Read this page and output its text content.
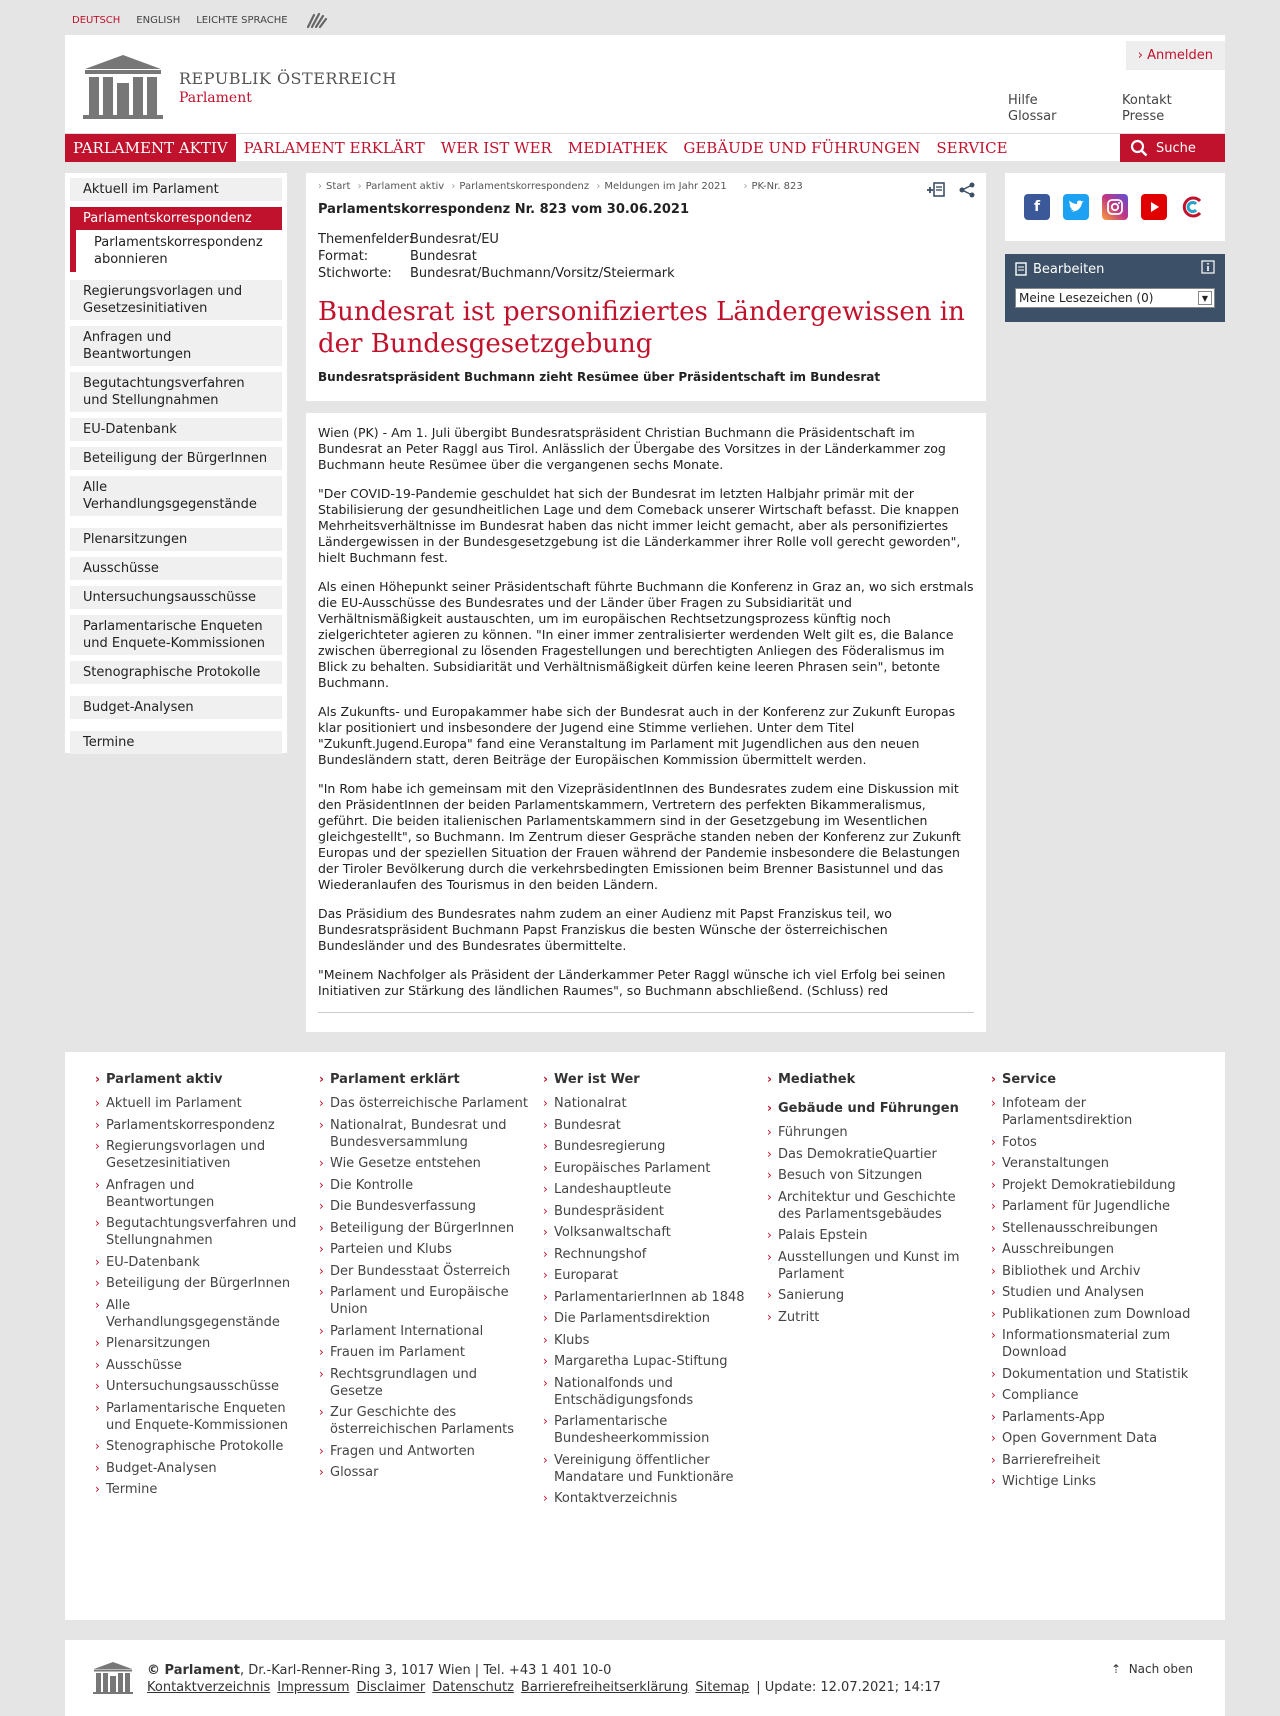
DEUTSCH ENGLISH LEICHTE SPRACHE
REPUBLIK ÖSTERREICH
Parlament
› Anmelden
Hilfe
Glossar
Kontakt
Presse
PARLAMENT AKTIV	PARLAMENT ERKLÄRT	WER IST WER	MEDIATHEK	GEBÄUDE UND FÜHRUNGEN	SERVICE	Suche
Aktuell im Parlament
Parlamentskorrespondenz
Parlamentskorrespondenz abonnieren
Regierungsvorlagen und Gesetzesinitiativen
Anfragen und Beantwortungen
Begutachtungsverfahren und Stellungnahmen
EU-Datenbank
Beteiligung der BürgerInnen
Alle Verhandlungsgegenstände
Plenarsitzungen
Ausschüsse
Untersuchungsausschüsse
Parlamentarische Enqueten und Enquete-Kommissionen
Stenographische Protokolle
Budget-Analysen
Termine
› Start › Parlament aktiv › Parlamentskorrespondenz › Meldungen im Jahr 2021 › PK-Nr. 823
Parlamentskorrespondenz Nr. 823 vom 30.06.2021
Themenfelder:
Bundesrat/EU
Format:	Bundesrat
Stichworte:	Bundesrat/Buchmann/Vorsitz/Steiermark
Bundesrat ist personifiziertes Ländergewissen in der Bundesgesetzgebung
Bundesratspräsident Buchmann zieht Resümee über Präsidentschaft im Bundesrat

Wien (PK) - Am 1. Juli übergibt Bundesratspräsident Christian Buchmann die Präsidentschaft im Bundesrat an Peter Raggl aus Tirol. Anlässlich der Übergabe des Vorsitzes in der Länderkammer zog Buchmann heute Resümee über die vergangenen sechs Monate.

"Der COVID-19-Pandemie geschuldet hat sich der Bundesrat im letzten Halbjahr primär mit der Stabilisierung der gesundheitlichen Lage und dem Comeback unserer Wirtschaft befasst. Die knappen Mehrheitsverhältnisse im Bundesrat haben das nicht immer leicht gemacht, aber als personifiziertes Ländergewissen in der Bundesgesetzgebung ist die Länderkammer ihrer Rolle voll gerecht geworden", hielt Buchmann fest.

Als einen Höhepunkt seiner Präsidentschaft führte Buchmann die Konferenz in Graz an, wo sich erstmals die EU-Ausschüsse des Bundesrates und der Länder über Fragen zu Subsidiarität und Verhältnismäßigkeit austauschten, um im europäischen Rechtsetzungsprozess künftig noch zielgerichteter agieren zu können. "In einer immer zentralisierter werdenden Welt gilt es, die Balance zwischen überregional zu lösenden Fragestellungen und berechtigten Anliegen des Föderalismus im Blick zu behalten. Subsidiarität und Verhältnismäßigkeit dürfen keine leeren Phrasen sein", betonte Buchmann.

Als Zukunfts- und Europakammer habe sich der Bundesrat auch in der Konferenz zur Zukunft Europas klar positioniert und insbesondere der Jugend eine Stimme verliehen. Unter dem Titel "Zukunft.Jugend.Europa" fand eine Veranstaltung im Parlament mit Jugendlichen aus den neuen Bundesländern statt, deren Beiträge der Europäischen Kommission übermittelt werden.

"In Rom habe ich gemeinsam mit den VizepräsidentInnen des Bundesrates zudem eine Diskussion mit den PräsidentInnen der beiden Parlamentskammern, Vertretern des perfekten Bikammeralismus, geführt. Die beiden italienischen Parlamentskammern sind in der Gesetzgebung im Wesentlichen gleichgestellt", so Buchmann. Im Zentrum dieser Gespräche standen neben der Konferenz zur Zukunft Europas und der speziellen Situation der Frauen während der Pandemie insbesondere die Belastungen der Tiroler Bevölkerung durch die verkehrsbedingten Emissionen beim Brenner Basistunnel und das Wiederanlaufen des Tourismus in den beiden Ländern.

Das Präsidium des Bundesrates nahm zudem an einer Audienz mit Papst Franziskus teil, wo Bundesratspräsident Buchmann Papst Franziskus die besten Wünsche der österreichischen Bundesländer und des Bundesrates übermittelte.

"Meinem Nachfolger als Präsident der Länderkammer Peter Raggl wünsche ich viel Erfolg bei seinen Initiativen zur Stärkung des ländlichen Raumes", so Buchmann abschließend. (Schluss) red

f
Bearbeiten
Meine Lesezeichen (0)	▼
› Parlament aktiv
› Aktuell im Parlament
› Parlamentskorrespondenz
› Regierungsvorlagen und Gesetzesinitiativen
› Anfragen und Beantwortungen
› Begutachtungsverfahren und Stellungnahmen
› EU-Datenbank
› Beteiligung der BürgerInnen
› Alle Verhandlungsgegenstände
› Plenarsitzungen
› Ausschüsse
› Untersuchungsausschüsse
› Parlamentarische Enqueten und Enquete-Kommissionen
› Stenographische Protokolle
› Budget-Analysen
› Termine
› Parlament erklärt
› Das österreichische Parlament
› Nationalrat, Bundesrat und Bundesversammlung
› Wie Gesetze entstehen
› Die Kontrolle
› Die Bundesverfassung
› Beteiligung der BürgerInnen
› Parteien und Klubs
› Der Bundesstaat Österreich
› Parlament und Europäische Union
› Parlament International
› Frauen im Parlament
› Rechtsgrundlagen und Gesetze
› Zur Geschichte des österreichischen Parlaments
› Fragen und Antworten
› Glossar
› Wer ist Wer
› Nationalrat
› Bundesrat
› Bundesregierung
› Europäisches Parlament
› Landeshauptleute
› Bundespräsident
› Volksanwaltschaft
› Rechnungshof
› Europarat
› ParlamentarierInnen ab 1848
› Die Parlamentsdirektion
› Klubs
› Margaretha Lupac-Stiftung
› Nationalfonds und Entschädigungsfonds
› Parlamentarische Bundesheerkommission
› Vereinigung öffentlicher Mandatare und Funktionäre
› Kontaktverzeichnis
› Mediathek
› Gebäude und Führungen
› Führungen
› Das DemokratieQuartier
› Besuch von Sitzungen
› Architektur und Geschichte des Parlamentsgebäudes
› Palais Epstein
› Ausstellungen und Kunst im Parlament
› Sanierung
› Zutritt
› Service
› Infoteam der Parlamentsdirektion
› Fotos
› Veranstaltungen
› Projekt Demokratiebildung
› Parlament für Jugendliche
› Stellenausschreibungen
› Ausschreibungen
› Bibliothek und Archiv
› Studien und Analysen
› Publikationen zum Download
› Informationsmaterial zum Download
› Dokumentation und Statistik
› Compliance
› Parlaments-App
› Open Government Data
› Barrierefreiheit
› Wichtige Links
© Parlament, Dr.-Karl-Renner-Ring 3, 1017 Wien | Tel. +43 1 401 10-0
Kontaktverzeichnis Impressum Disclaimer Datenschutz Barrierefreiheitserklärung Sitemap | Update: 12.07.2021; 14:17
⇡ Nach oben
